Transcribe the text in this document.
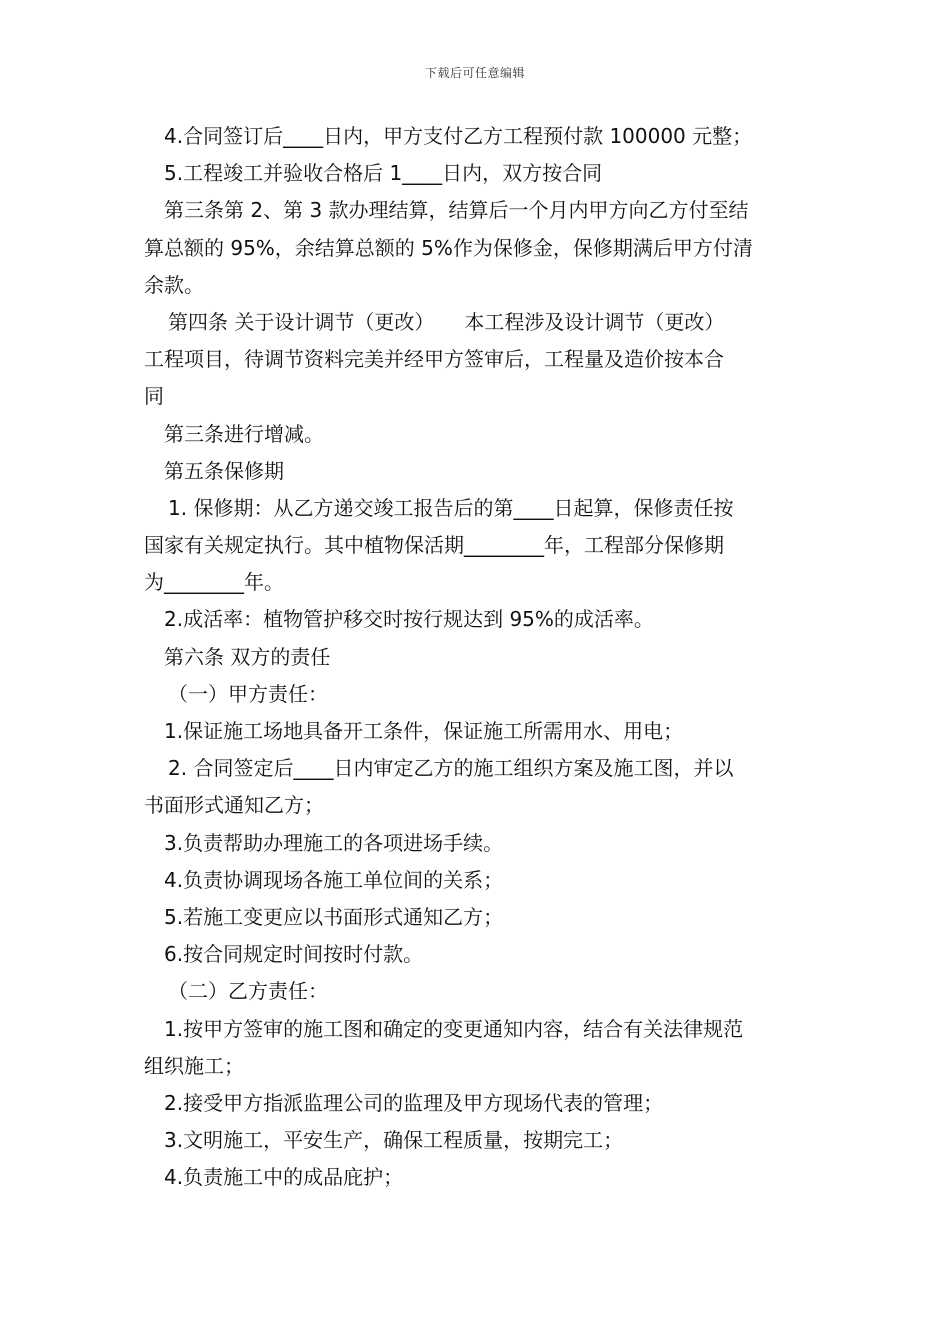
下载后可任意编辑
4.合同签订后____日内，甲方支付乙方工程预付款 100000 元整；
5.工程竣工并验收合格后 1____日内，双方按合同
第三条第 2、第 3 款办理结算，结算后一个月内甲方向乙方付至结
算总额的 95%，余结算总额的 5%作为保修金，保修期满后甲方付清
余款。
第四条 关于设计调节（更改）　　本工程涉及设计调节（更改）
工程项目，待调节资料完美并经甲方签审后，工程量及造价按本合
同
第三条进行增减。
第五条保修期
1. 保修期：从乙方递交竣工报告后的第____日起算，保修责任按
国家有关规定执行。其中植物保活期________年，工程部分保修期
为________年。
2.成活率：植物管护移交时按行规达到 95%的成活率。
第六条 双方的责任
（一）甲方责任：
1.保证施工场地具备开工条件，保证施工所需用水、用电；
2. 合同签定后____日内审定乙方的施工组织方案及施工图，并以
书面形式通知乙方；
3.负责帮助办理施工的各项进场手续。
4.负责协调现场各施工单位间的关系；
5.若施工变更应以书面形式通知乙方；
6.按合同规定时间按时付款。
（二）乙方责任：
1.按甲方签审的施工图和确定的变更通知内容，结合有关法律规范
组织施工；
2.接受甲方指派监理公司的监理及甲方现场代表的管理；
3.文明施工，平安生产，确保工程质量，按期完工；
4.负责施工中的成品庇护；
